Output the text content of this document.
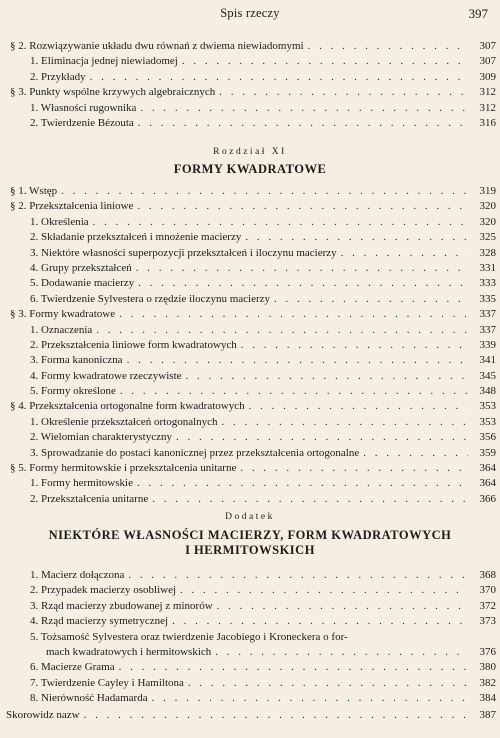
Spis rzeczy	397
§ 2. Rozwiązywanie układu dwu równań z dwiema niewiadomymi . . .	307
1. Eliminacja jednej niewiadomej . . .	307
2. Przykłady . . .	309
§ 3. Punkty wspólne krzywych algebraicznych . . .	312
1. Własności rugownika . . .	312
2. Twierdzenie Bézouta . . .	316
Rozdział XI
FORMY KWADRATOWE
§ 1. Wstęp . . .	319
§ 2. Przekształcenia liniowe . . .	320
1. Określenia . . .	320
2. Składanie przekształceń i mnożenie macierzy . . .	325
3. Niektóre własności superpozycji przekształceń i iloczynu macierzy . . .	328
4. Grupy przekształceń . . .	331
5. Dodawanie macierzy . . .	333
6. Twierdzenie Sylvestera o rzędzie iloczynu macierzy . . .	335
§ 3. Formy kwadratowe . . .	337
1. Oznaczenia . . .	337
2. Przekształcenia liniowe form kwadratowych . . .	339
3. Forma kanoniczna . . .	341
4. Formy kwadratowe rzeczywiste . . .	345
5. Formy określone . . .	348
§ 4. Przekształcenia ortogonalne form kwadratowych . . .	353
1. Określenie przekształceń ortogonalnych . . .	353
2. Wielomian charakterystyczny . . .	356
3. Sprowadzanie do postaci kanonicznej przez przekształcenia ortogonalne . . .	359
§ 5. Formy hermitowskie i przekształcenia unitarne . . .	364
1. Formy hermitowskie . . .	364
2. Przekształcenia unitarne . . .	366
Dodatek
NIEKTÓRE WŁASNOŚCI MACIERZY, FORM KWADRATOWYCH
I HERMITOWSKICH
1. Macierz dołączona . . .	368
2. Przypadek macierzy osobliwej . . .	370
3. Rząd macierzy zbudowanej z minorów . . .	372
4. Rząd macierzy symetrycznej . . .	373
5. Tożsamość Sylvestera oraz twierdzenie Jacobiego i Kroneckera o for-
mach kwadratowych i hermitowskich . . .	376
6. Macierze Grama . . .	380
7. Twierdzenie Cayley i Hamiltona . . .	382
8. Nierówność Hadamarda . . .	384
Skorowidz nazw . . .	387
